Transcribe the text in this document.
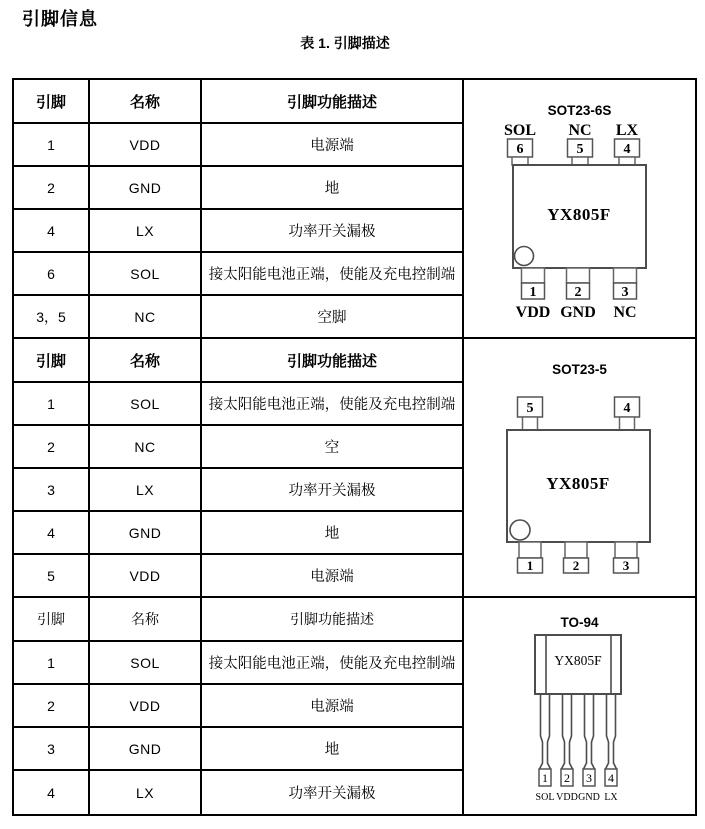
引脚信息
表 1. 引脚描述
引脚	名称	引脚功能描述	SOT23-6S
SOL NC LX
6	5	4
YX805F
1	2	3
VDD GND NC

1	VDD	电源端	
2	GND	地	
4	LX	功率开关漏极	
6	SOL	接太阳能电池正端，使能及充电控制端	
3，5	NC	空脚	
引脚	名称	引脚功能描述	SOT23-5
5	4
YX805F
1	2	3

1	SOL	接太阳能电池正端，使能及充电控制端	
2	NC	空	
3	LX	功率开关漏极	
4	GND	地	
5	VDD	电源端	
引脚	名称	引脚功能描述	TO-94
YX805F
1 2 3 4
SOL VDD GND LX

1	SOL	接太阳能电池正端，使能及充电控制端	
2	VDD	电源端	
3	GND	地	
4	LX	功率开关漏极	
